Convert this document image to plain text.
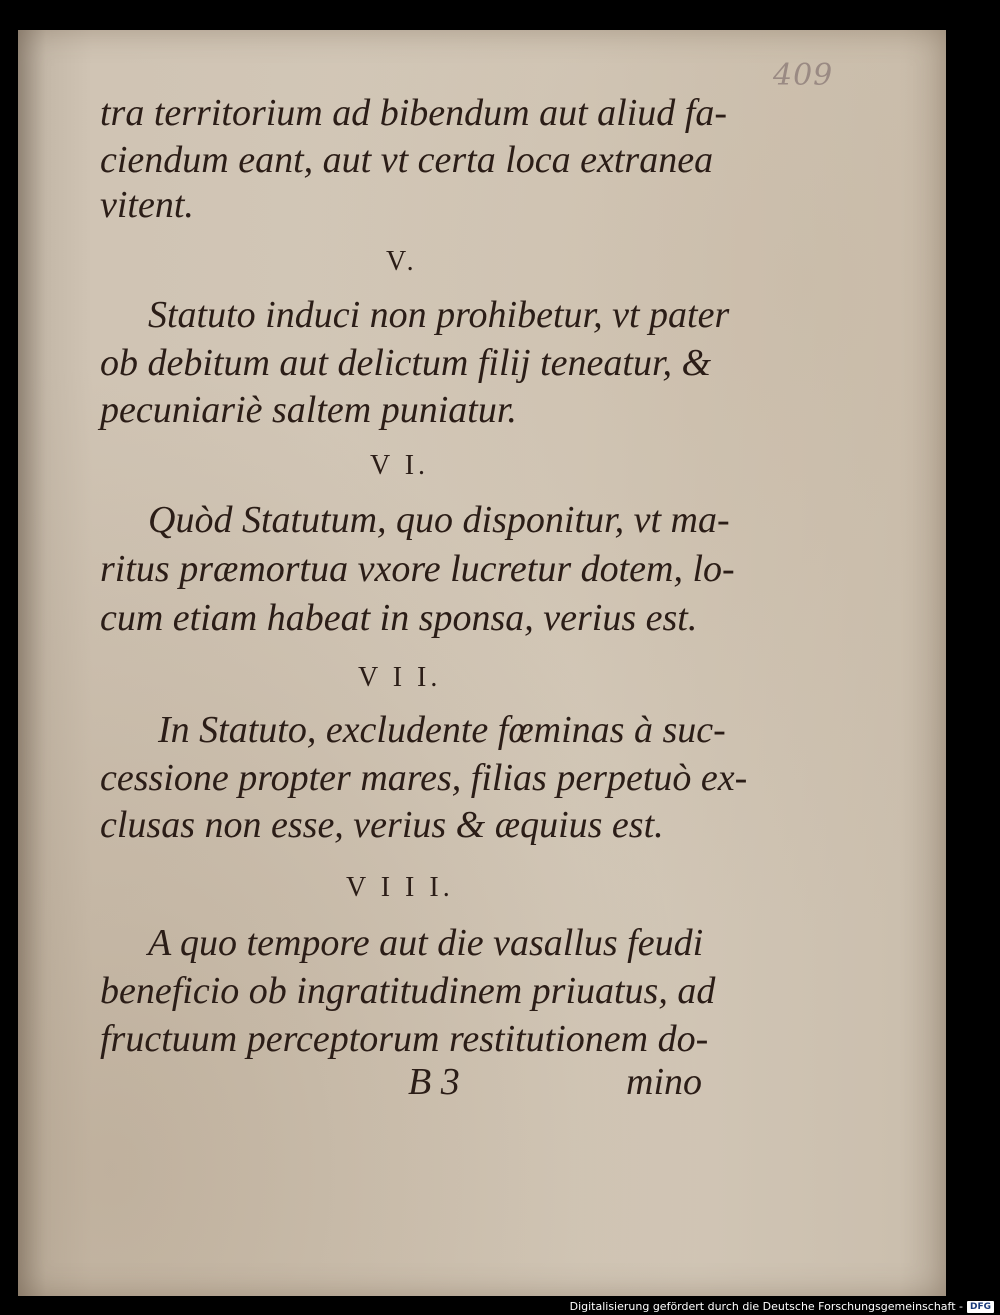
409
tra territorium ad bibendum aut aliud fa-
ciendum eant, aut vt certa loca extranea
vitent.
V.
Statuto induci non prohibetur, vt pater
ob debitum aut delictum filij teneatur, &
pecuniariè saltem puniatur.
V I.
Quòd Statutum, quo disponitur, vt ma-
ritus præmortua vxore lucretur dotem, lo-
cum etiam habeat in sponsa, verius est.
V I I.
In Statuto, excludente fœminas à suc-
cessione propter mares, filias perpetuò ex-
clusas non esse, verius & æquius est.
V I I I.
A quo tempore aut die vasallus feudi
beneficio ob ingratitudinem priuatus, ad
fructuum perceptorum restitutionem do-
B 3	mino
Digitalisierung gefördert durch die Deutsche Forschungsgemeinschaft - DFG
